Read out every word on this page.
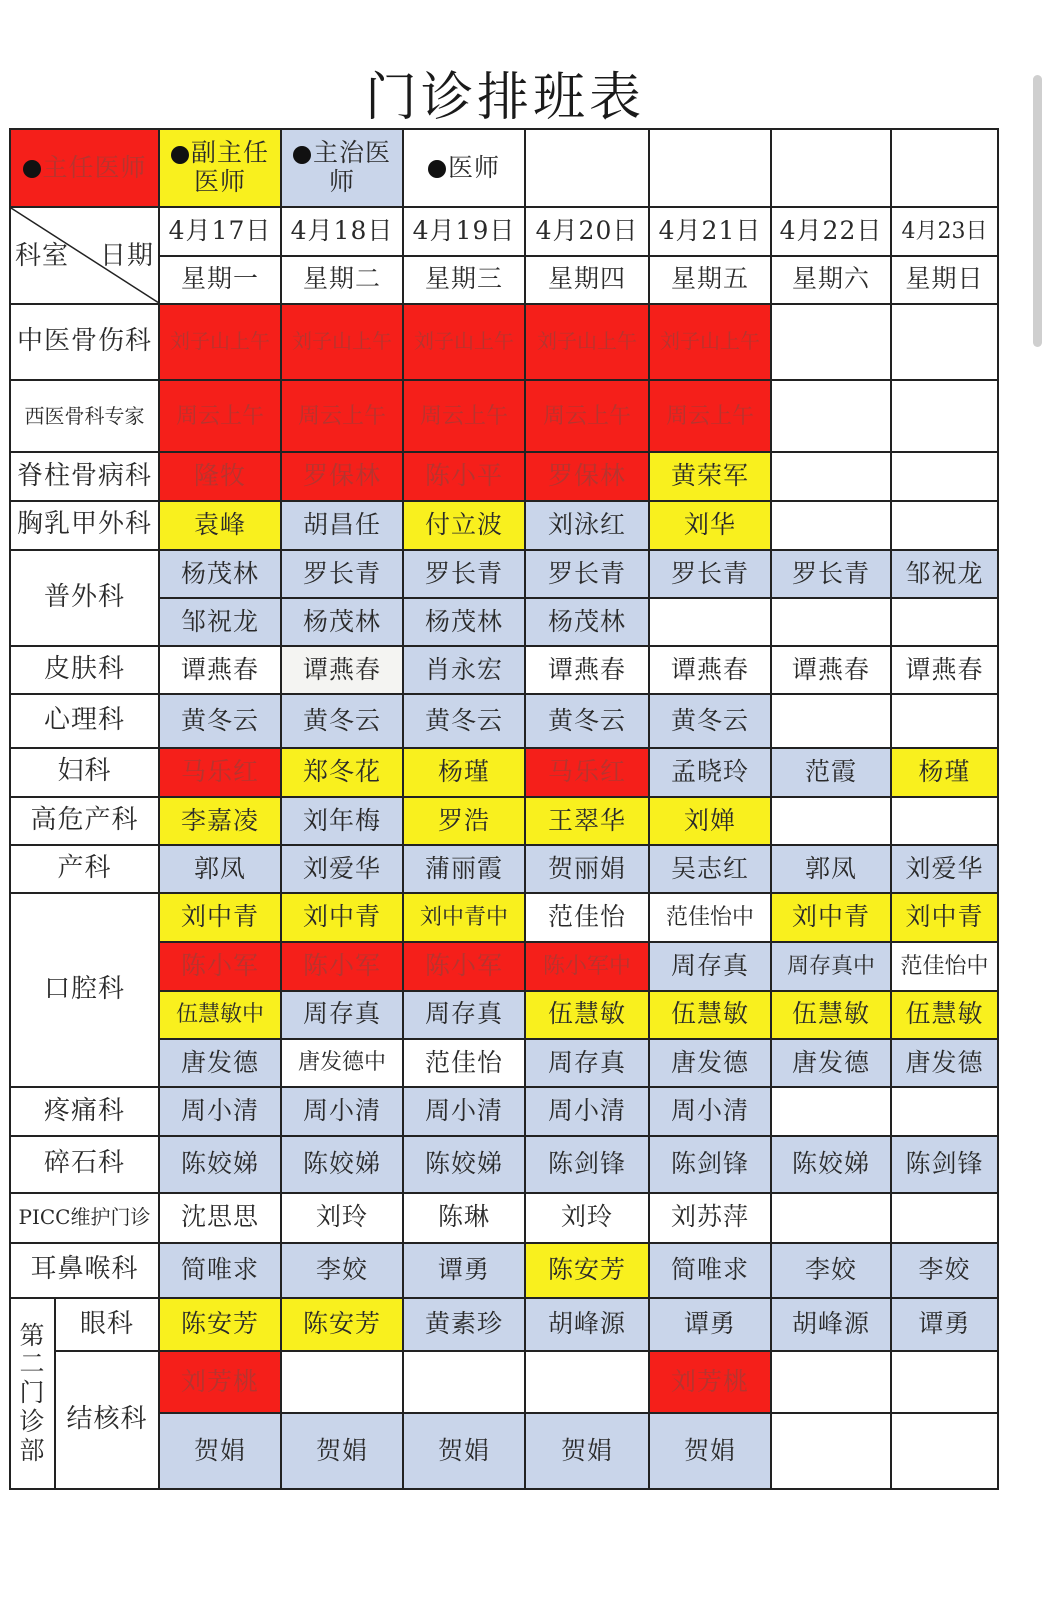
门诊排班表
主任医师		副主任医师	主治医师	医师				

科室 日期		4月17日	4月18日	4月19日	4月20日	4月21日	4月22日	4月23日
		星期一	星期二	星期三	星期四	星期五	星期六	星期日
中医骨伤科		刘子山上午	刘子山上午	刘子山上午	刘子山上午	刘子山上午		
西医骨科专家		周云上午	周云上午	周云上午	周云上午	周云上午		
脊柱骨病科		隆牧	罗保林	陈小平	罗保林	黄荣军		
胸乳甲外科		袁峰	胡昌任	付立波	刘泳红	刘华		
普外科		杨茂林	罗长青	罗长青	罗长青	罗长青	罗长青	邹祝龙
		邹祝龙	杨茂林	杨茂林	杨茂林			
皮肤科		谭燕春	谭燕春	肖永宏	谭燕春	谭燕春	谭燕春	谭燕春
心理科		黄冬云	黄冬云	黄冬云	黄冬云	黄冬云		
妇科		马乐红	郑冬花	杨瑾	马乐红	孟晓玲	范霞	杨瑾
高危产科		李嘉凌	刘年梅	罗浩	王翠华	刘婵		
产科		郭凤	刘爱华	蒲丽霞	贺丽娟	吴志红	郭凤	刘爱华
口腔科		刘中青	刘中青	刘中青中	范佳怡	范佳怡中	刘中青	刘中青
		陈小军	陈小军	陈小军	陈小军中	周存真	周存真中	范佳怡中
		伍慧敏中	周存真	周存真	伍慧敏	伍慧敏	伍慧敏	伍慧敏
		唐发德	唐发德中	范佳怡	周存真	唐发德	唐发德	唐发德
疼痛科		周小清	周小清	周小清	周小清	周小清		
碎石科		陈姣娣	陈姣娣	陈姣娣	陈剑锋	陈剑锋	陈姣娣	陈剑锋
PICC维护门诊		沈思思	刘玲	陈琳	刘玲	刘苏萍		
耳鼻喉科		简唯求	李姣	谭勇	陈安芳	简唯求	李姣	李姣
第二门诊部	眼科	陈安芳	陈安芳	黄素珍	胡峰源	谭勇	胡峰源	谭勇
	结核科	刘芳桃				刘芳桃		
		贺娟	贺娟	贺娟	贺娟	贺娟		
